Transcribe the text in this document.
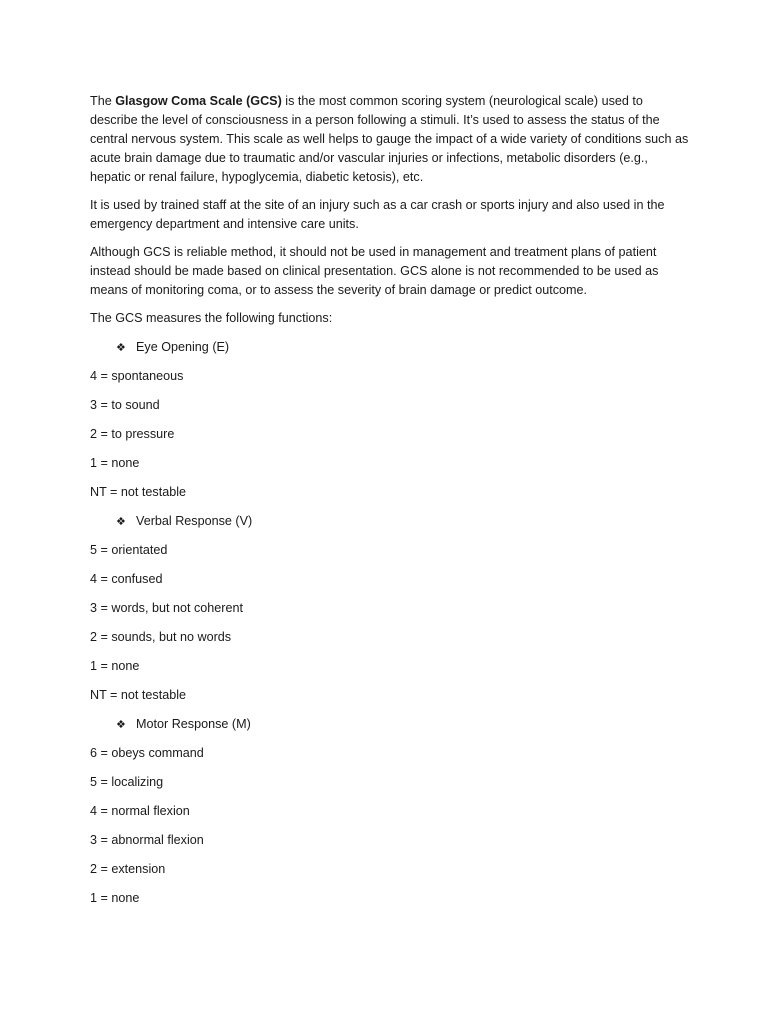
The Glasgow Coma Scale (GCS) is the most common scoring system (neurological scale) used to describe the level of consciousness in a person following a stimuli. It’s used to assess the status of the central nervous system. This scale as well helps to gauge the impact of a wide variety of conditions such as acute brain damage due to traumatic and/or vascular injuries or infections, metabolic disorders (e.g., hepatic or renal failure, hypoglycemia, diabetic ketosis), etc.

It is used by trained staff at the site of an injury such as a car crash or sports injury and also used in the emergency department and intensive care units.

Although GCS is reliable method, it should not be used in management and treatment plans of patient instead should be made based on clinical presentation. GCS alone is not recommended to be used as means of monitoring coma, or to assess the severity of brain damage or predict outcome.

The GCS measures the following functions:

❖ Eye Opening (E)
4 = spontaneous
3 = to sound
2 = to pressure
1 = none
NT = not testable
❖ Verbal Response (V)
5 = orientated
4 = confused
3 = words, but not coherent
2 = sounds, but no words
1 = none
NT = not testable
❖ Motor Response (M)
6 = obeys command
5 = localizing
4 = normal flexion
3 = abnormal flexion
2 = extension
1 = none
